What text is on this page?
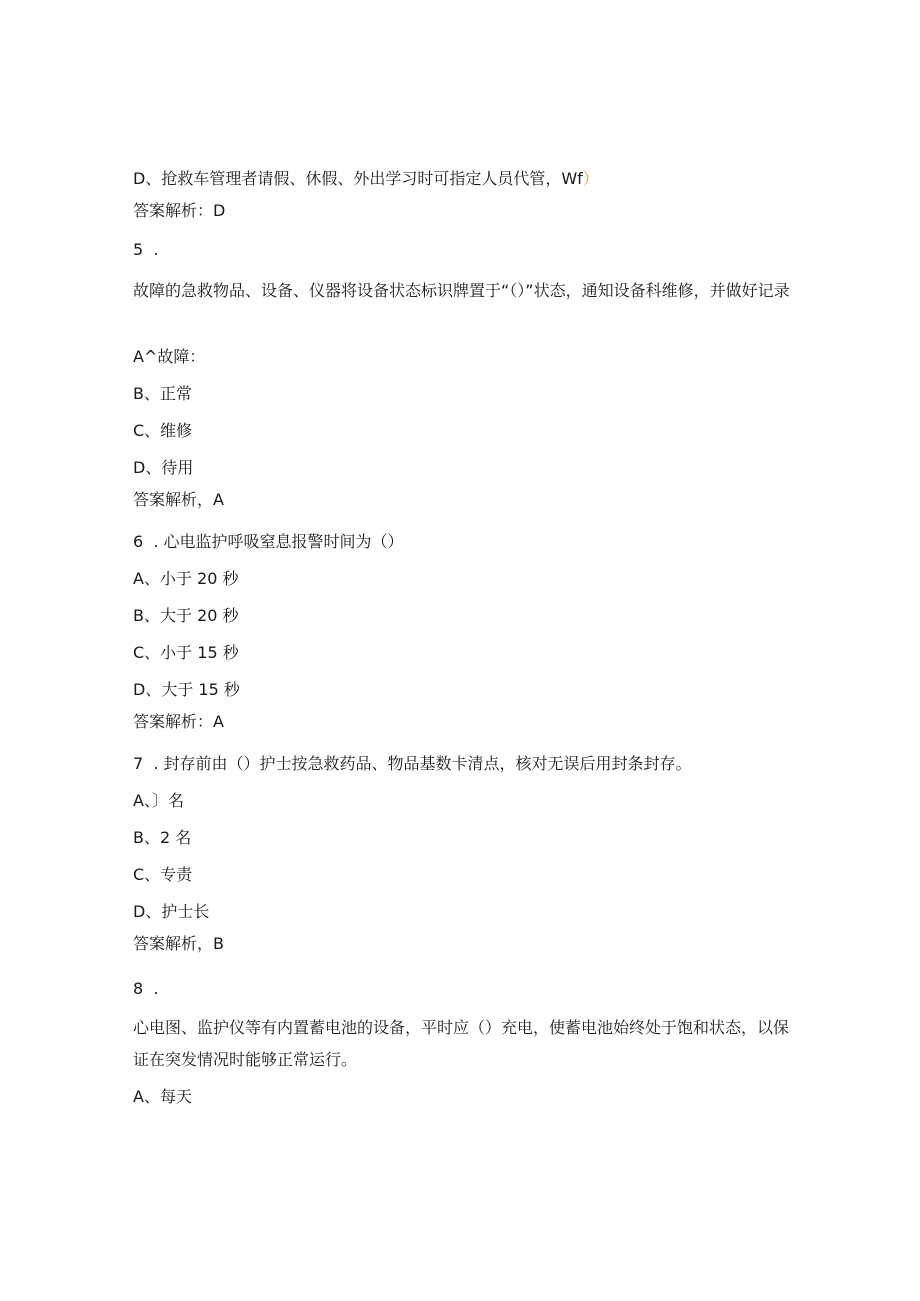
D、抢救车管理者请假、休假、外出学习时可指定人员代管，Wf）
答案解析：D
5  .
故障的急救物品、设备、仪器将设备状态标识牌置于“（）”状态，通知设备科维修，并做好记录
A^故障：
B、正常
C、维修
D、待用
答案解析，A
6  . 心电监护呼吸窒息报警时间为（）
A、小于 20 秒
B、大于 20 秒
C、小于 15 秒
D、大于 15 秒
答案解析：A
7  . 封存前由（）护士按急救药品、物品基数卡清点，核对无误后用封条封存。
A、〕名
B、2 名
C、专责
D、护士长
答案解析，B
8  .
心电图、监护仪等有内置蓄电池的设备，平时应（）充电，使蓄电池始终处于饱和状态，以保证在突发情况时能够正常运行。
A、每天
